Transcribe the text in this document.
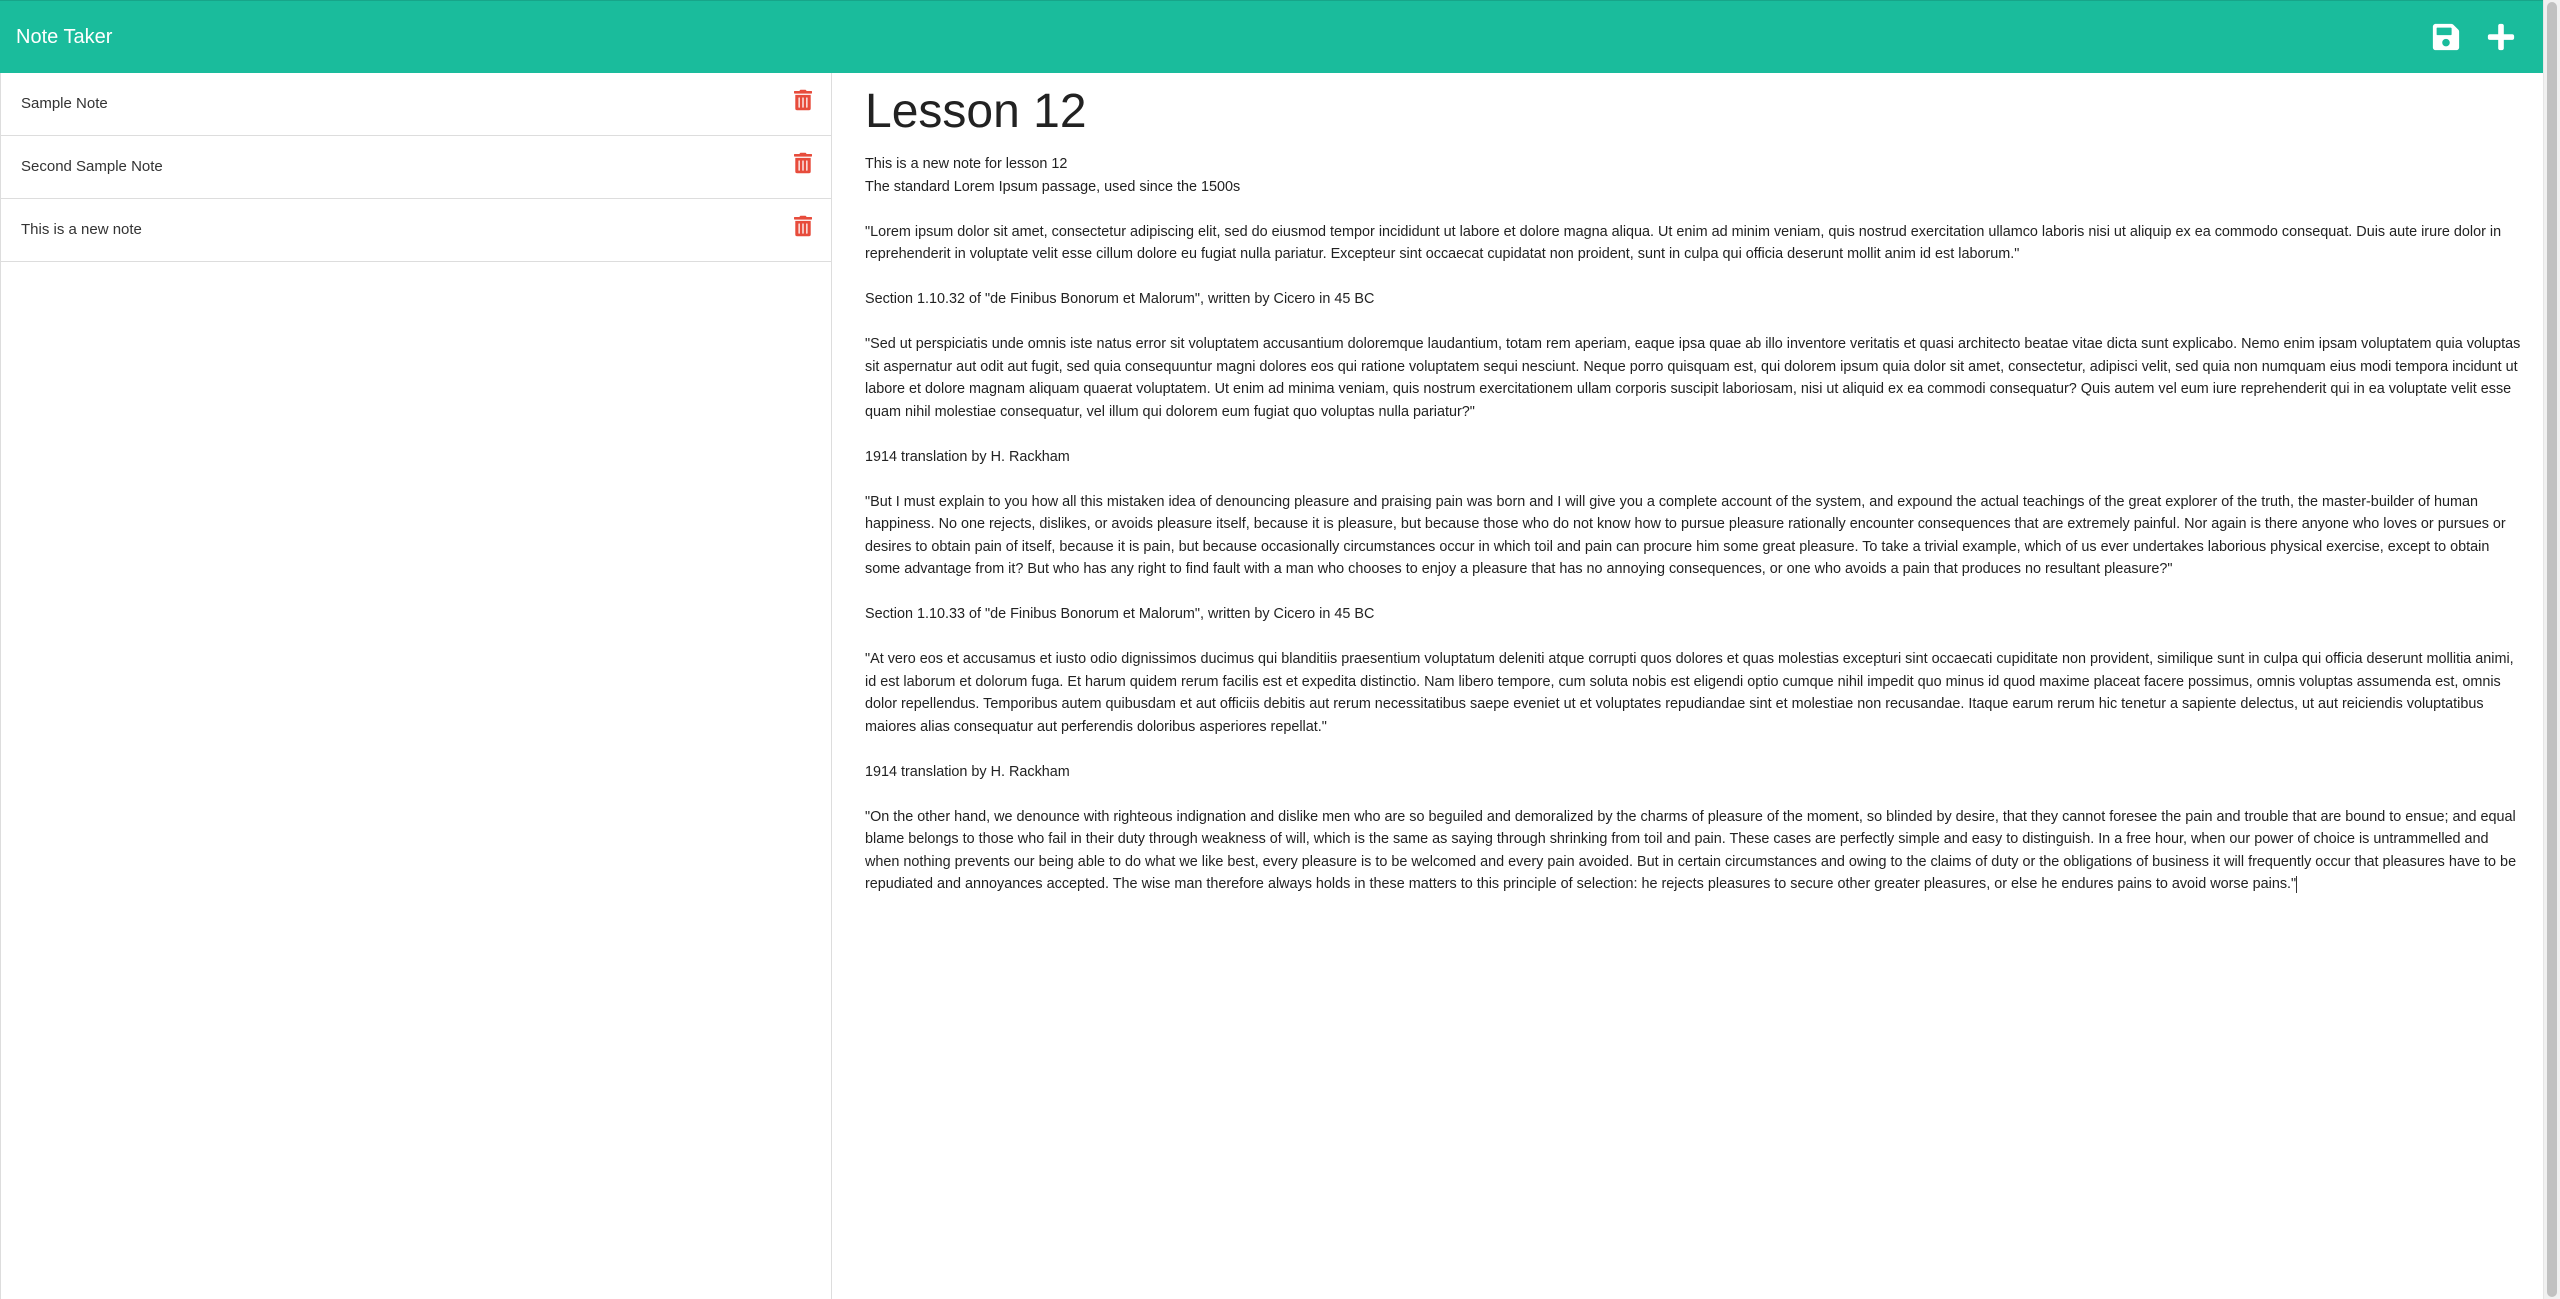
Note Taker
Sample Note
Second Sample Note
This is a new note
Lesson 12
This is a new note for lesson 12
The standard Lorem Ipsum passage, used since the 1500s
"Lorem ipsum dolor sit amet, consectetur adipiscing elit, sed do eiusmod tempor incididunt ut labore et dolore magna aliqua. Ut enim ad minim veniam, quis nostrud exercitation ullamco laboris nisi ut aliquip ex ea commodo consequat. Duis aute irure dolor in reprehenderit in voluptate velit esse cillum dolore eu fugiat nulla pariatur. Excepteur sint occaecat cupidatat non proident, sunt in culpa qui officia deserunt mollit anim id est laborum."
Section 1.10.32 of "de Finibus Bonorum et Malorum", written by Cicero in 45 BC
"Sed ut perspiciatis unde omnis iste natus error sit voluptatem accusantium doloremque laudantium, totam rem aperiam, eaque ipsa quae ab illo inventore veritatis et quasi architecto beatae vitae dicta sunt explicabo. Nemo enim ipsam voluptatem quia voluptas sit aspernatur aut odit aut fugit, sed quia consequuntur magni dolores eos qui ratione voluptatem sequi nesciunt. Neque porro quisquam est, qui dolorem ipsum quia dolor sit amet, consectetur, adipisci velit, sed quia non numquam eius modi tempora incidunt ut labore et dolore magnam aliquam quaerat voluptatem. Ut enim ad minima veniam, quis nostrum exercitationem ullam corporis suscipit laboriosam, nisi ut aliquid ex ea commodi consequatur? Quis autem vel eum iure reprehenderit qui in ea voluptate velit esse quam nihil molestiae consequatur, vel illum qui dolorem eum fugiat quo voluptas nulla pariatur?"
1914 translation by H. Rackham
"But I must explain to you how all this mistaken idea of denouncing pleasure and praising pain was born and I will give you a complete account of the system, and expound the actual teachings of the great explorer of the truth, the master-builder of human happiness. No one rejects, dislikes, or avoids pleasure itself, because it is pleasure, but because those who do not know how to pursue pleasure rationally encounter consequences that are extremely painful. Nor again is there anyone who loves or pursues or desires to obtain pain of itself, because it is pain, but because occasionally circumstances occur in which toil and pain can procure him some great pleasure. To take a trivial example, which of us ever undertakes laborious physical exercise, except to obtain some advantage from it? But who has any right to find fault with a man who chooses to enjoy a pleasure that has no annoying consequences, or one who avoids a pain that produces no resultant pleasure?"
Section 1.10.33 of "de Finibus Bonorum et Malorum", written by Cicero in 45 BC
"At vero eos et accusamus et iusto odio dignissimos ducimus qui blanditiis praesentium voluptatum deleniti atque corrupti quos dolores et quas molestias excepturi sint occaecati cupiditate non provident, similique sunt in culpa qui officia deserunt mollitia animi, id est laborum et dolorum fuga. Et harum quidem rerum facilis est et expedita distinctio. Nam libero tempore, cum soluta nobis est eligendi optio cumque nihil impedit quo minus id quod maxime placeat facere possimus, omnis voluptas assumenda est, omnis dolor repellendus. Temporibus autem quibusdam et aut officiis debitis aut rerum necessitatibus saepe eveniet ut et voluptates repudiandae sint et molestiae non recusandae. Itaque earum rerum hic tenetur a sapiente delectus, ut aut reiciendis voluptatibus maiores alias consequatur aut perferendis doloribus asperiores repellat."
1914 translation by H. Rackham
"On the other hand, we denounce with righteous indignation and dislike men who are so beguiled and demoralized by the charms of pleasure of the moment, so blinded by desire, that they cannot foresee the pain and trouble that are bound to ensue; and equal blame belongs to those who fail in their duty through weakness of will, which is the same as saying through shrinking from toil and pain. These cases are perfectly simple and easy to distinguish. In a free hour, when our power of choice is untrammelled and when nothing prevents our being able to do what we like best, every pleasure is to be welcomed and every pain avoided. But in certain circumstances and owing to the claims of duty or the obligations of business it will frequently occur that pleasures have to be repudiated and annoyances accepted. The wise man therefore always holds in these matters to this principle of selection: he rejects pleasures to secure other greater pleasures, or else he endures pains to avoid worse pains."
